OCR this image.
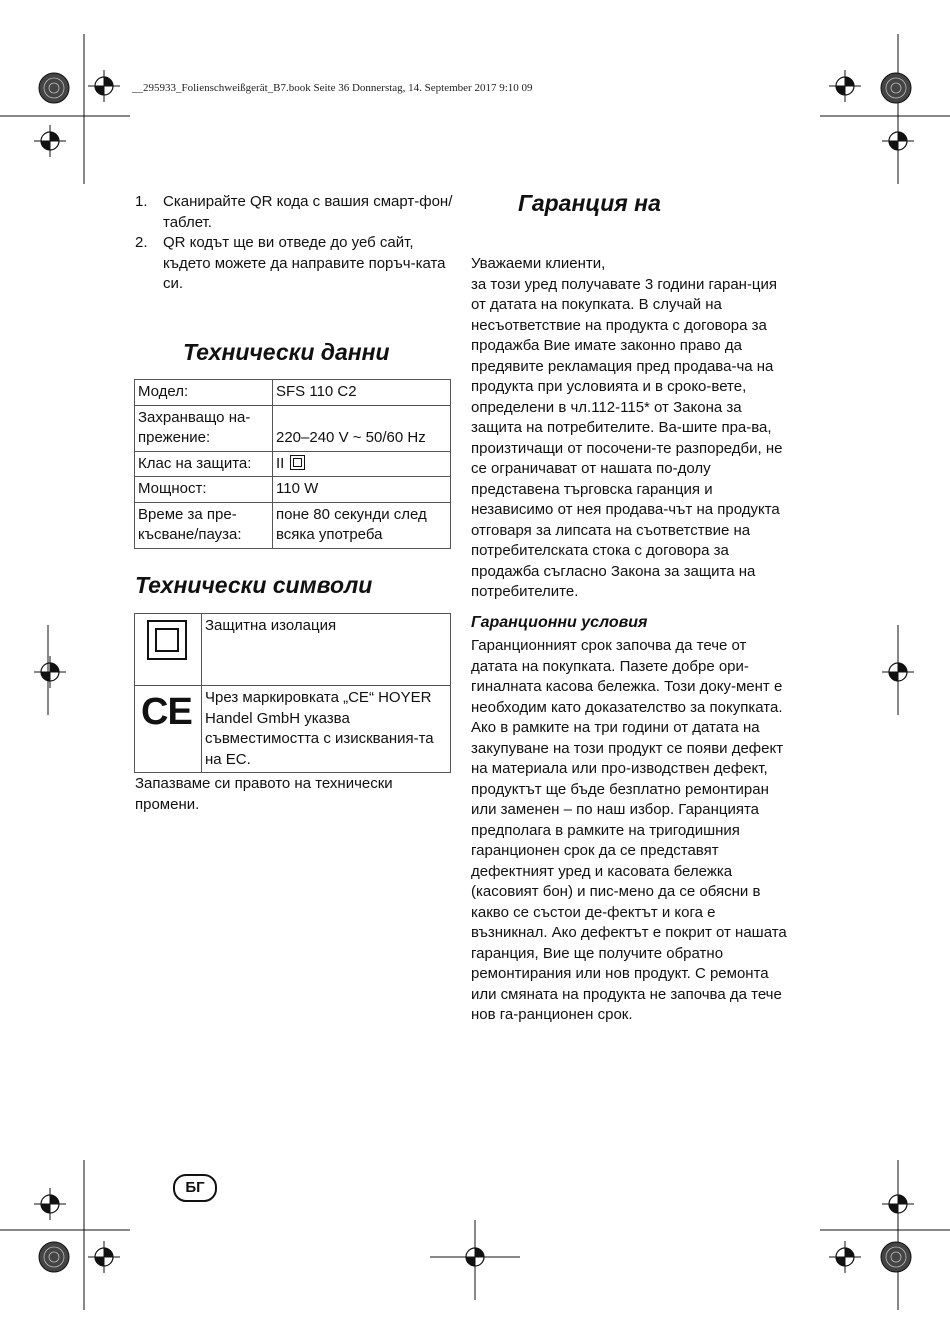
__295933_Folienschweißgerät_B7.book Seite 36 Donnerstag, 14. September 2017 9:10 09
1.	Сканирайте QR кода с вашия смарт-фон/таблет.
2.	QR кодът ще ви отведе до уеб сайт, където можете да направите поръч-ката си.
Технически данни
Модел:	SFS 110 C2
Захранващо на-прежение:	220–240 V ~ 50/60 Hz
Клас на защита:	II
Мощност:	110 W
Време за пре-късване/пауза:	поне 80 секунди след всяка употреба
Технически символи
	Защитна изолация

CE	Чрез маркировката „CE“ HOYER Handel GmbH указва съвместимостта с изисквания-та на ЕС.
Запазваме си правото на технически промени.
Гаранция на
Уважаеми клиенти,
за този уред получавате 3 години гаран-ция от датата на покупката. В случай на несъответствие на продукта с договора за продажба Вие имате законно право да предявите рекламация пред продава-ча на продукта при условията и в сроко-вете, определени в чл.112-115* от Закона за защита на потребителите. Ва-шите пра-ва, произтичащи от посочени-те разпоредби, не се ограничават от нашата по-долу представена търговска гаранция и независимо от нея продава-чът на продукта отговаря за липсата на съответствие на потребителската стока с договора за продажба съгласно Закона за защита на потребителите.
Гаранционни условия
Гаранционният срок започва да тече от датата на покупката. Пазете добре ори-гиналната касова бележка. Този доку-мент е необходим като доказателство за покупката. Ако в рамките на три години от датата на закупуване на този продукт се появи дефект на материала или про-изводствен дефект, продуктът ще бъде безплатно ремонтиран или заменен – по наш избор. Гаранцията предполага в рамките на тригодишния гаранционен срок да се представят дефектният уред и касовата бележка (касовият бон) и пис-мено да се обясни в какво се състои де-фектът и кога е възникнал. Ако дефектът е покрит от нашата гаранция, Вие ще получите обратно ремонтирания или нов продукт. С ремонта или смяната на продукта не започва да тече нов га-ранционен срок.
БГ
